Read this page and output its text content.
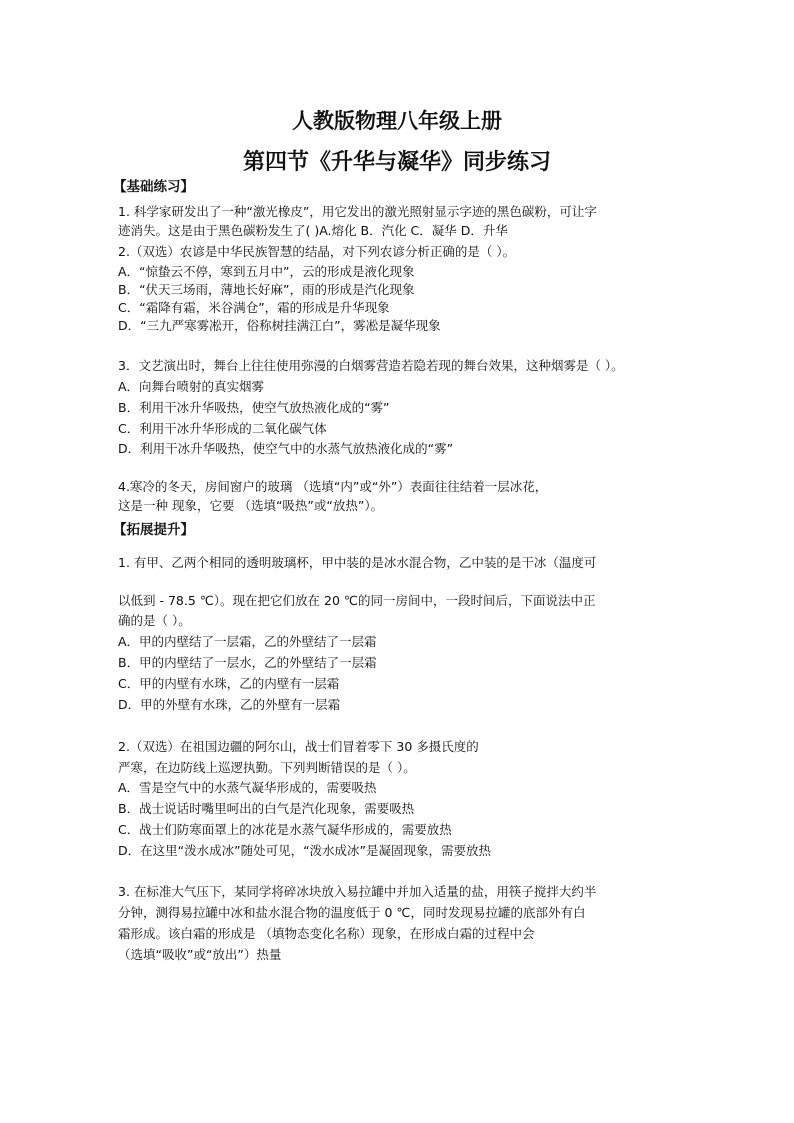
人教版物理八年级上册
第四节《升华与凝华》同步练习
【基础练习】
1. 科学家研发出了一种“激光橡皮”，用它发出的激光照射显示字迹的黑色碳粉，可让字
迹消失。这是由于黑色碳粉发生了( )A.熔化 B．汽化 C．凝华 D．升华
2.（双选）农谚是中华民族智慧的结晶，对下列农谚分析正确的是（ ）。
A．“惊蛰云不停，寒到五月中”，云的形成是液化现象
B．“伏天三场雨，薄地长好麻”，雨的形成是汽化现象
C．“霜降有霜，米谷满仓”，霜的形成是升华现象
D．“三九严寒雾凇开，俗称树挂满江白”，雾凇是凝华现象
3．文艺演出时，舞台上往往使用弥漫的白烟雾营造若隐若现的舞台效果，这种烟雾是（ ）。
A．向舞台喷射的真实烟雾
B．利用干冰升华吸热，使空气放热液化成的“雾”
C．利用干冰升华形成的二氧化碳气体
D．利用干冰升华吸热，使空气中的水蒸气放热液化成的“雾”
4.寒冷的冬天，房间窗户的玻璃 （选填“内”或“外”）表面往往结着一层冰花，
这是一种 现象，它要 （选填“吸热”或“放热”）。
【拓展提升】
1. 有甲、乙两个相同的透明玻璃杯，甲中装的是冰水混合物，乙中装的是干冰（温度可
以低到 - 78.5 ℃）。现在把它们放在 20 ℃的同一房间中，一段时间后，下面说法中正
确的是（ ）。
A．甲的内壁结了一层霜，乙的外壁结了一层霜
B．甲的内壁结了一层水，乙的外壁结了一层霜
C．甲的内壁有水珠，乙的内壁有一层霜
D．甲的外壁有水珠，乙的外壁有一层霜
2.（双选）在祖国边疆的阿尔山，战士们冒着零下 30 多摄氏度的
严寒，在边防线上巡逻执勤。下列判断错误的是（ ）。
A．雪是空气中的水蒸气凝华形成的，需要吸热
B．战士说话时嘴里呵出的白气是汽化现象，需要吸热
C．战士们防寒面罩上的冰花是水蒸气凝华形成的，需要放热
D．在这里“泼水成冰”随处可见，“泼水成冰”是凝固现象，需要放热
3. 在标准大气压下，某同学将碎冰块放入易拉罐中并加入适量的盐，用筷子搅拌大约半
分钟，测得易拉罐中冰和盐水混合物的温度低于 0 ℃，同时发现易拉罐的底部外有白
霜形成。该白霜的形成是 （填物态变化名称）现象，在形成白霜的过程中会
（选填“吸收”或“放出”）热量
